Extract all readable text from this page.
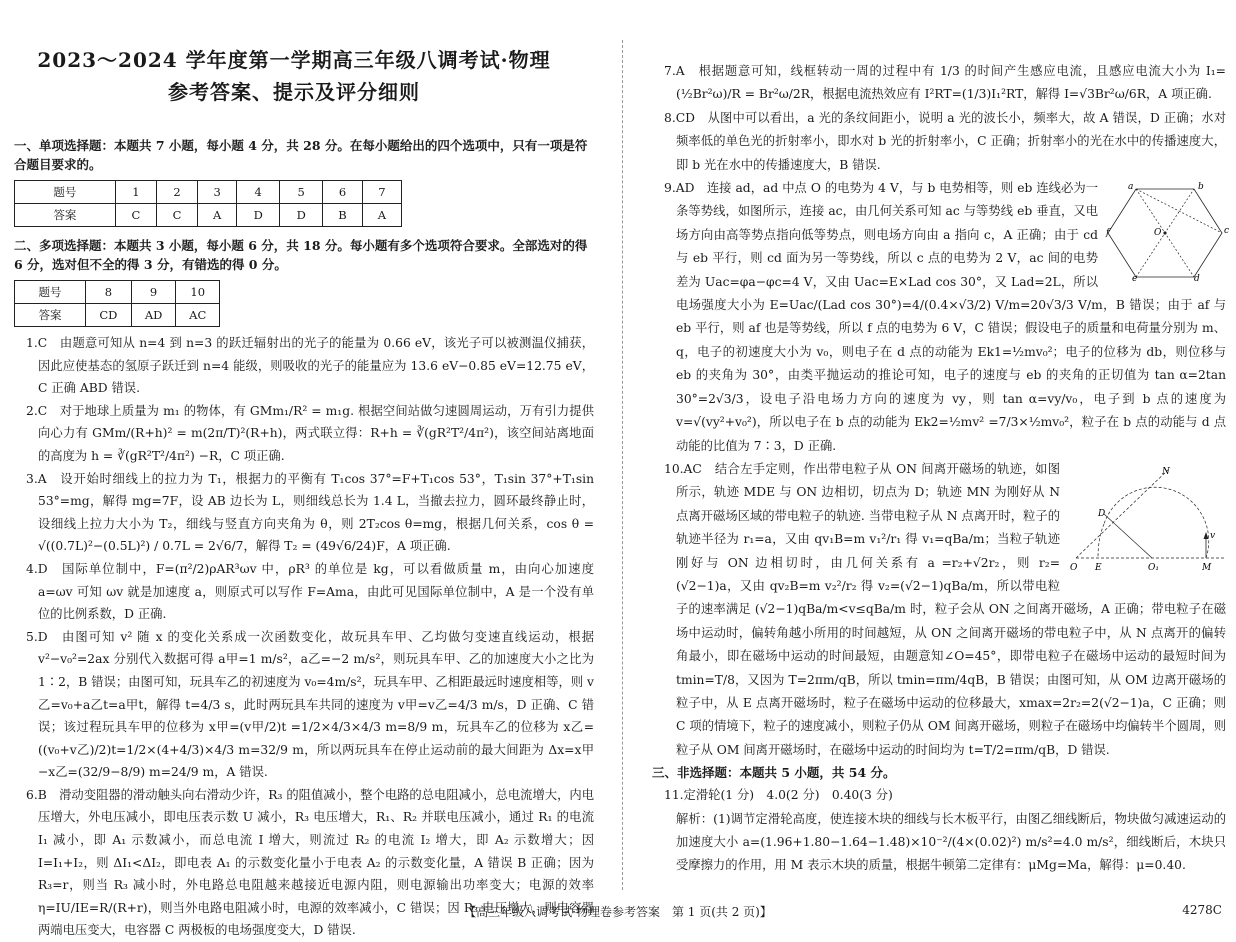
2023～2024 学年度第一学期高三年级八调考试·物理
参考答案、提示及评分细则

一、单项选择题：本题共 7 小题，每小题 4 分，共 28 分。在每小题给出的四个选项中，只有一项是符合题目要求的。

题号	1	2	3	4	5	6	7
答案	C	C	A	D	D	B	A

二、多项选择题：本题共 3 小题，每小题 6 分，共 18 分。每小题有多个选项符合要求。全部选对的得 6 分，选对但不全的得 3 分，有错选的得 0 分。

题号	8	9	10
答案	CD	AD	AC

1.C　由题意可知从 n=4 到 n=3 的跃迁辐射出的光子的能量为 0.66 eV，该光子可以被测温仪捕获，因此应使基态的氢原子跃迁到 n=4 能级，则吸收的光子的能量应为 13.6 eV−0.85 eV=12.75 eV，C 正确 ABD 错误.

2.C　对于地球上质量为 m₁ 的物体，有 GMm₁/R² = m₁g. 根据空间站做匀速圆周运动，万有引力提供向心力有 GMm/(R+h)² = m(2π/T)²(R+h)，两式联立得：R+h = ∛(gR²T²/4π²)，该空间站离地面的高度为 h = ∛(gR²T²/4π²) −R，C 项正确.

3.A　设开始时细线上的拉力为 T₁，根据力的平衡有 T₁cos 37°=F+T₁cos 53°，T₁sin 37°+T₁sin 53°=mg，解得 mg=7F，设 AB 边长为 L，则细线总长为 1.4 L，当撤去拉力，圆环最终静止时，设细线上拉力大小为 T₂，细线与竖直方向夹角为 θ，则 2T₂cos θ=mg，根据几何关系，cos θ = √((0.7L)²−(0.5L)²) / 0.7L = 2√6/7，解得 T₂ = (49√6/24)F，A 项正确.

4.D　国际单位制中，F=(π²/2)ρAR³ωv 中，ρR³ 的单位是 kg，可以看做质量 m，由向心加速度 a=ωv 可知 ωv 就是加速度 a，则原式可以写作 F=Ama，由此可见国际单位制中，A 是一个没有单位的比例系数，D 正确.

5.D　由图可知 v² 随 x 的变化关系成一次函数变化，故玩具车甲、乙均做匀变速直线运动，根据 v²−v₀²=2ax 分别代入数据可得 a甲=1 m/s²，a乙=−2 m/s²，则玩具车甲、乙的加速度大小之比为 1∶2，B 错误；由图可知，玩具车乙的初速度为 v₀=4m/s²，玩具车甲、乙相距最远时速度相等，则 v乙=v₀+a乙t=a甲t，解得 t=4/3 s，此时两玩具车共同的速度为 v甲=v乙=4/3 m/s，D 正确、C 错误；该过程玩具车甲的位移为 x甲=(v甲/2)t =1/2×4/3×4/3 m=8/9 m，玩具车乙的位移为 x乙=((v₀+v乙)/2)t=1/2×(4+4/3)×4/3 m=32/9 m，所以两玩具车在停止运动前的最大间距为 Δx=x甲−x乙=(32/9−8/9) m=24/9 m，A 错误.

6.B　滑动变阻器的滑动触头向右滑动少许，R₃ 的阻值减小，整个电路的总电阻减小，总电流增大，内电压增大，外电压减小，即电压表示数 U 减小，R₃ 电压增大，R₁、R₂ 并联电压减小，通过 R₁ 的电流 I₁ 减小，即 A₁ 示数减小，而总电流 I 增大，则流过 R₂ 的电流 I₂ 增大，即 A₂ 示数增大；因 I=I₁+I₂，则 ΔI₁<ΔI₂，即电表 A₁ 的示数变化量小于电表 A₂ 的示数变化量，A 错误 B 正确；因为 R₃=r，则当 R₃ 减小时，外电路总电阻越来越接近电源内阻，则电源输出功率变大；电源的效率 η=IU/IE=R/(R+r)，则当外电路电阻减小时，电源的效率减小，C 错误；因 R₃ 电压增大，则电容器两端电压变大，电容器 C 两极板的电场强度变大，D 错误.

7.A　根据题意可知，线框转动一周的过程中有 1/3 的时间产生感应电流，且感应电流大小为 I₁=(½Br²ω)/R = Br²ω/2R，根据电流热效应有 I²RT=(1/3)I₁²RT，解得 I=√3Br²ω/6R，A 项正确.

8.CD　从图中可以看出，a 光的条纹间距小，说明 a 光的波长小，频率大，故 A 错误，D 正确；水对频率低的单色光的折射率小，即水对 b 光的折射率小，C 正确；折射率小的光在水中的传播速度大，即 b 光在水中的传播速度大，B 错误.

a	b
c
d
e
f	O

9.AD　连接 ad，ad 中点 O 的电势为 4 V，与 b 电势相等，则 eb 连线必为一条等势线，如图所示，连接 ac，由几何关系可知 ac 与等势线 eb 垂直，又电场方向由高等势点指向低等势点，则电场方向由 a 指向 c，A 正确；由于 cd 与 eb 平行，则 cd 面为另一等势线，所以 c 点的电势为 2 V，ac 间的电势差为 Uac=φa−φc=4 V，又由 Uac=E×Lad cos 30°，又 Lad=2L，所以电场强度大小为 E=Uac/(Lad cos 30°)=4/(0.4×√3/2) V/m=20√3/3 V/m，B 错误；由于 af 与 eb 平行，则 af 也是等势线，所以 f 点的电势为 6 V，C 错误；假设电子的质量和电荷量分别为 m、q，电子的初速度大小为 v₀，则电子在 d 点的动能为 Ek1=½mv₀²；电子的位移为 db，则位移与 eb 的夹角为 30°，由类平抛运动的推论可知，电子的速度与 eb 的夹角的正切值为 tan α=2tan 30°=2√3/3，设电子沿电场力方向的速度为 vy，则 tan α=vy/v₀，电子到 b 点的速度为 v=√(vy²+v₀²)，所以电子在 b 点的动能为 Ek2=½mv² =7/3×½mv₀²，粒子在 b 点的动能与 d 点动能的比值为 7∶3，D 正确.

N
D
O E	O₁	M
v

10.AC　结合左手定则，作出带电粒子从 ON 间离开磁场的轨迹，如图所示，轨迹 MDE 与 ON 边相切，切点为 D；轨迹 MN 为刚好从 N 点离开磁场区域的带电粒子的轨迹. 当带电粒子从 N 点离开时，粒子的轨迹半径为 r₁=a，又由 qv₁B=m v₁²/r₁ 得 v₁=qBa/m；当粒子轨迹刚好与 ON 边相切时，由几何关系有 a =r₂+√2r₂，则 r₂=(√2−1)a，又由 qv₂B=m v₂²/r₂ 得 v₂=(√2−1)qBa/m，所以带电粒子的速率满足 (√2−1)qBa/m<v≤qBa/m 时，粒子会从 ON 之间离开磁场，A 正确；带电粒子在磁场中运动时，偏转角越小所用的时间越短，从 ON 之间离开磁场的带电粒子中，从 N 点离开的偏转角最小，即在磁场中运动的时间最短，由题意知∠O=45°，即带电粒子在磁场中运动的最短时间为 tmin=T/8，又因为 T=2πm/qB，所以 tmin=πm/4qB，B 错误；由图可知，从 OM 边离开磁场的粒子中，从 E 点离开磁场时，粒子在磁场中运动的位移最大，xmax=2r₂=2(√2−1)a，C 正确；则 C 项的情境下，粒子的速度减小，则粒子仍从 OM 间离开磁场，则粒子在磁场中均偏转半个圆周，则粒子从 OM 间离开磁场时，在磁场中运动的时间均为 t=T/2=πm/qB，D 错误.

三、非选择题：本题共 5 小题，共 54 分。

11.定滑轮(1 分)　4.0(2 分)　0.40(3 分)

解析：(1)调节定滑轮高度，使连接木块的细线与长木板平行，由图乙细线断后，物块做匀减速运动的加速度大小 a=(1.96+1.80−1.64−1.48)×10⁻²/(4×(0.02)²) m/s²=4.0 m/s²，细线断后，木块只受摩擦力的作用，用 M 表示木块的质量，根据牛顿第二定律有：μMg=Ma，解得：μ=0.40.

【高三年级八调考试·物理卷参考答案　第 1 页(共 2 页)】	4278C
